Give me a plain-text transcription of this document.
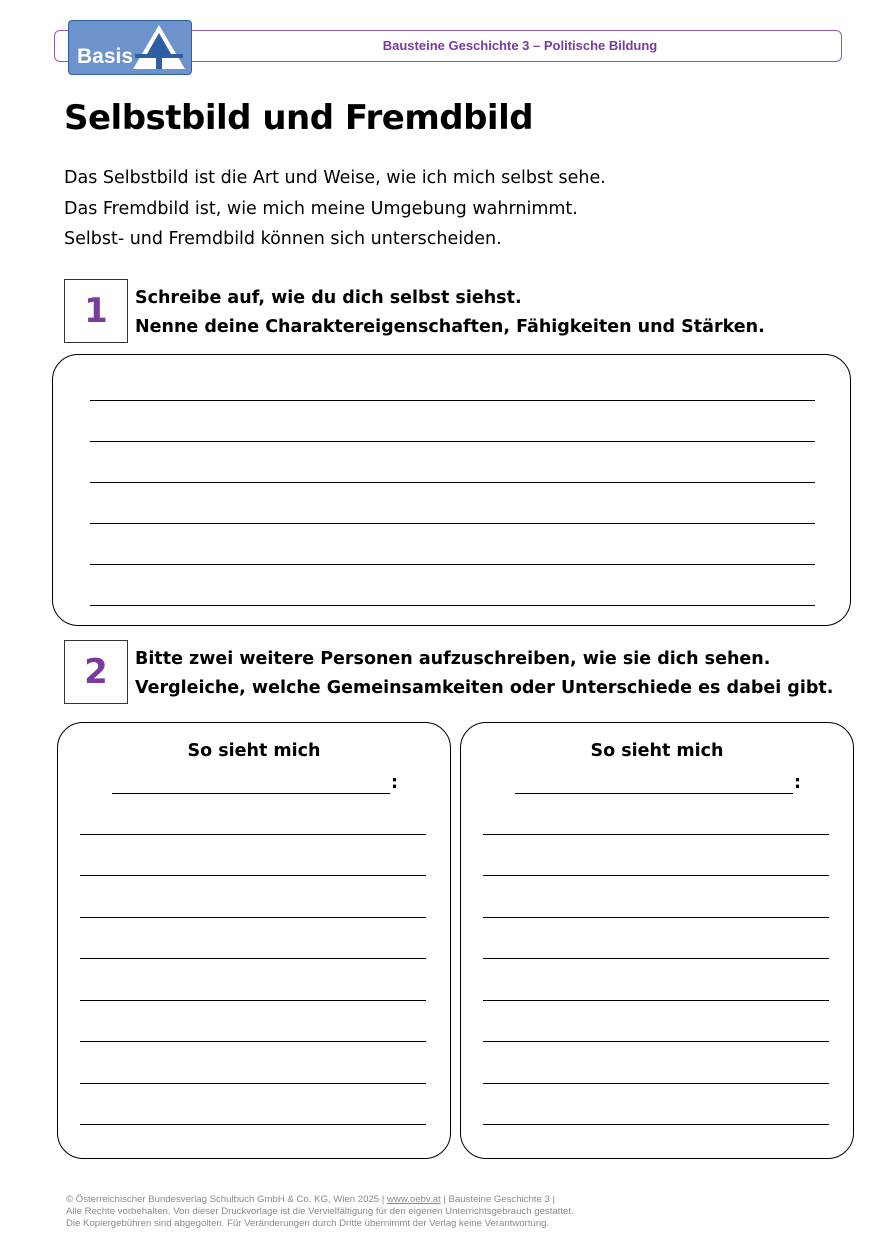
Bausteine Geschichte 3 – Politische Bildung
Basis
Selbstbild und Fremdbild
Das Selbstbild ist die Art und Weise, wie ich mich selbst sehe.
Das Fremdbild ist, wie mich meine Umgebung wahrnimmt.
Selbst- und Fremdbild können sich unterscheiden.
1	Schreibe auf, wie du dich selbst siehst.
Nenne deine Charaktereigenschaften, Fähigkeiten und Stärken.
2	Bitte zwei weitere Personen aufzuschreiben, wie sie dich sehen.
Vergleiche, welche Gemeinsamkeiten oder Unterschiede es dabei gibt.
So sieht mich
:
So sieht mich
:
© Österreichischer Bundesverlag Schulbuch GmbH & Co. KG, Wien 2025 | www.oebv.at | Bausteine Geschichte 3 |
Alle Rechte vorbehalten. Von dieser Druckvorlage ist die Vervielfältigung für den eigenen Unterrichtsgebrauch gestattet.
Die Kopiergebühren sind abgegolten. Für Veränderungen durch Dritte übernimmt der Verlag keine Verantwortung.
